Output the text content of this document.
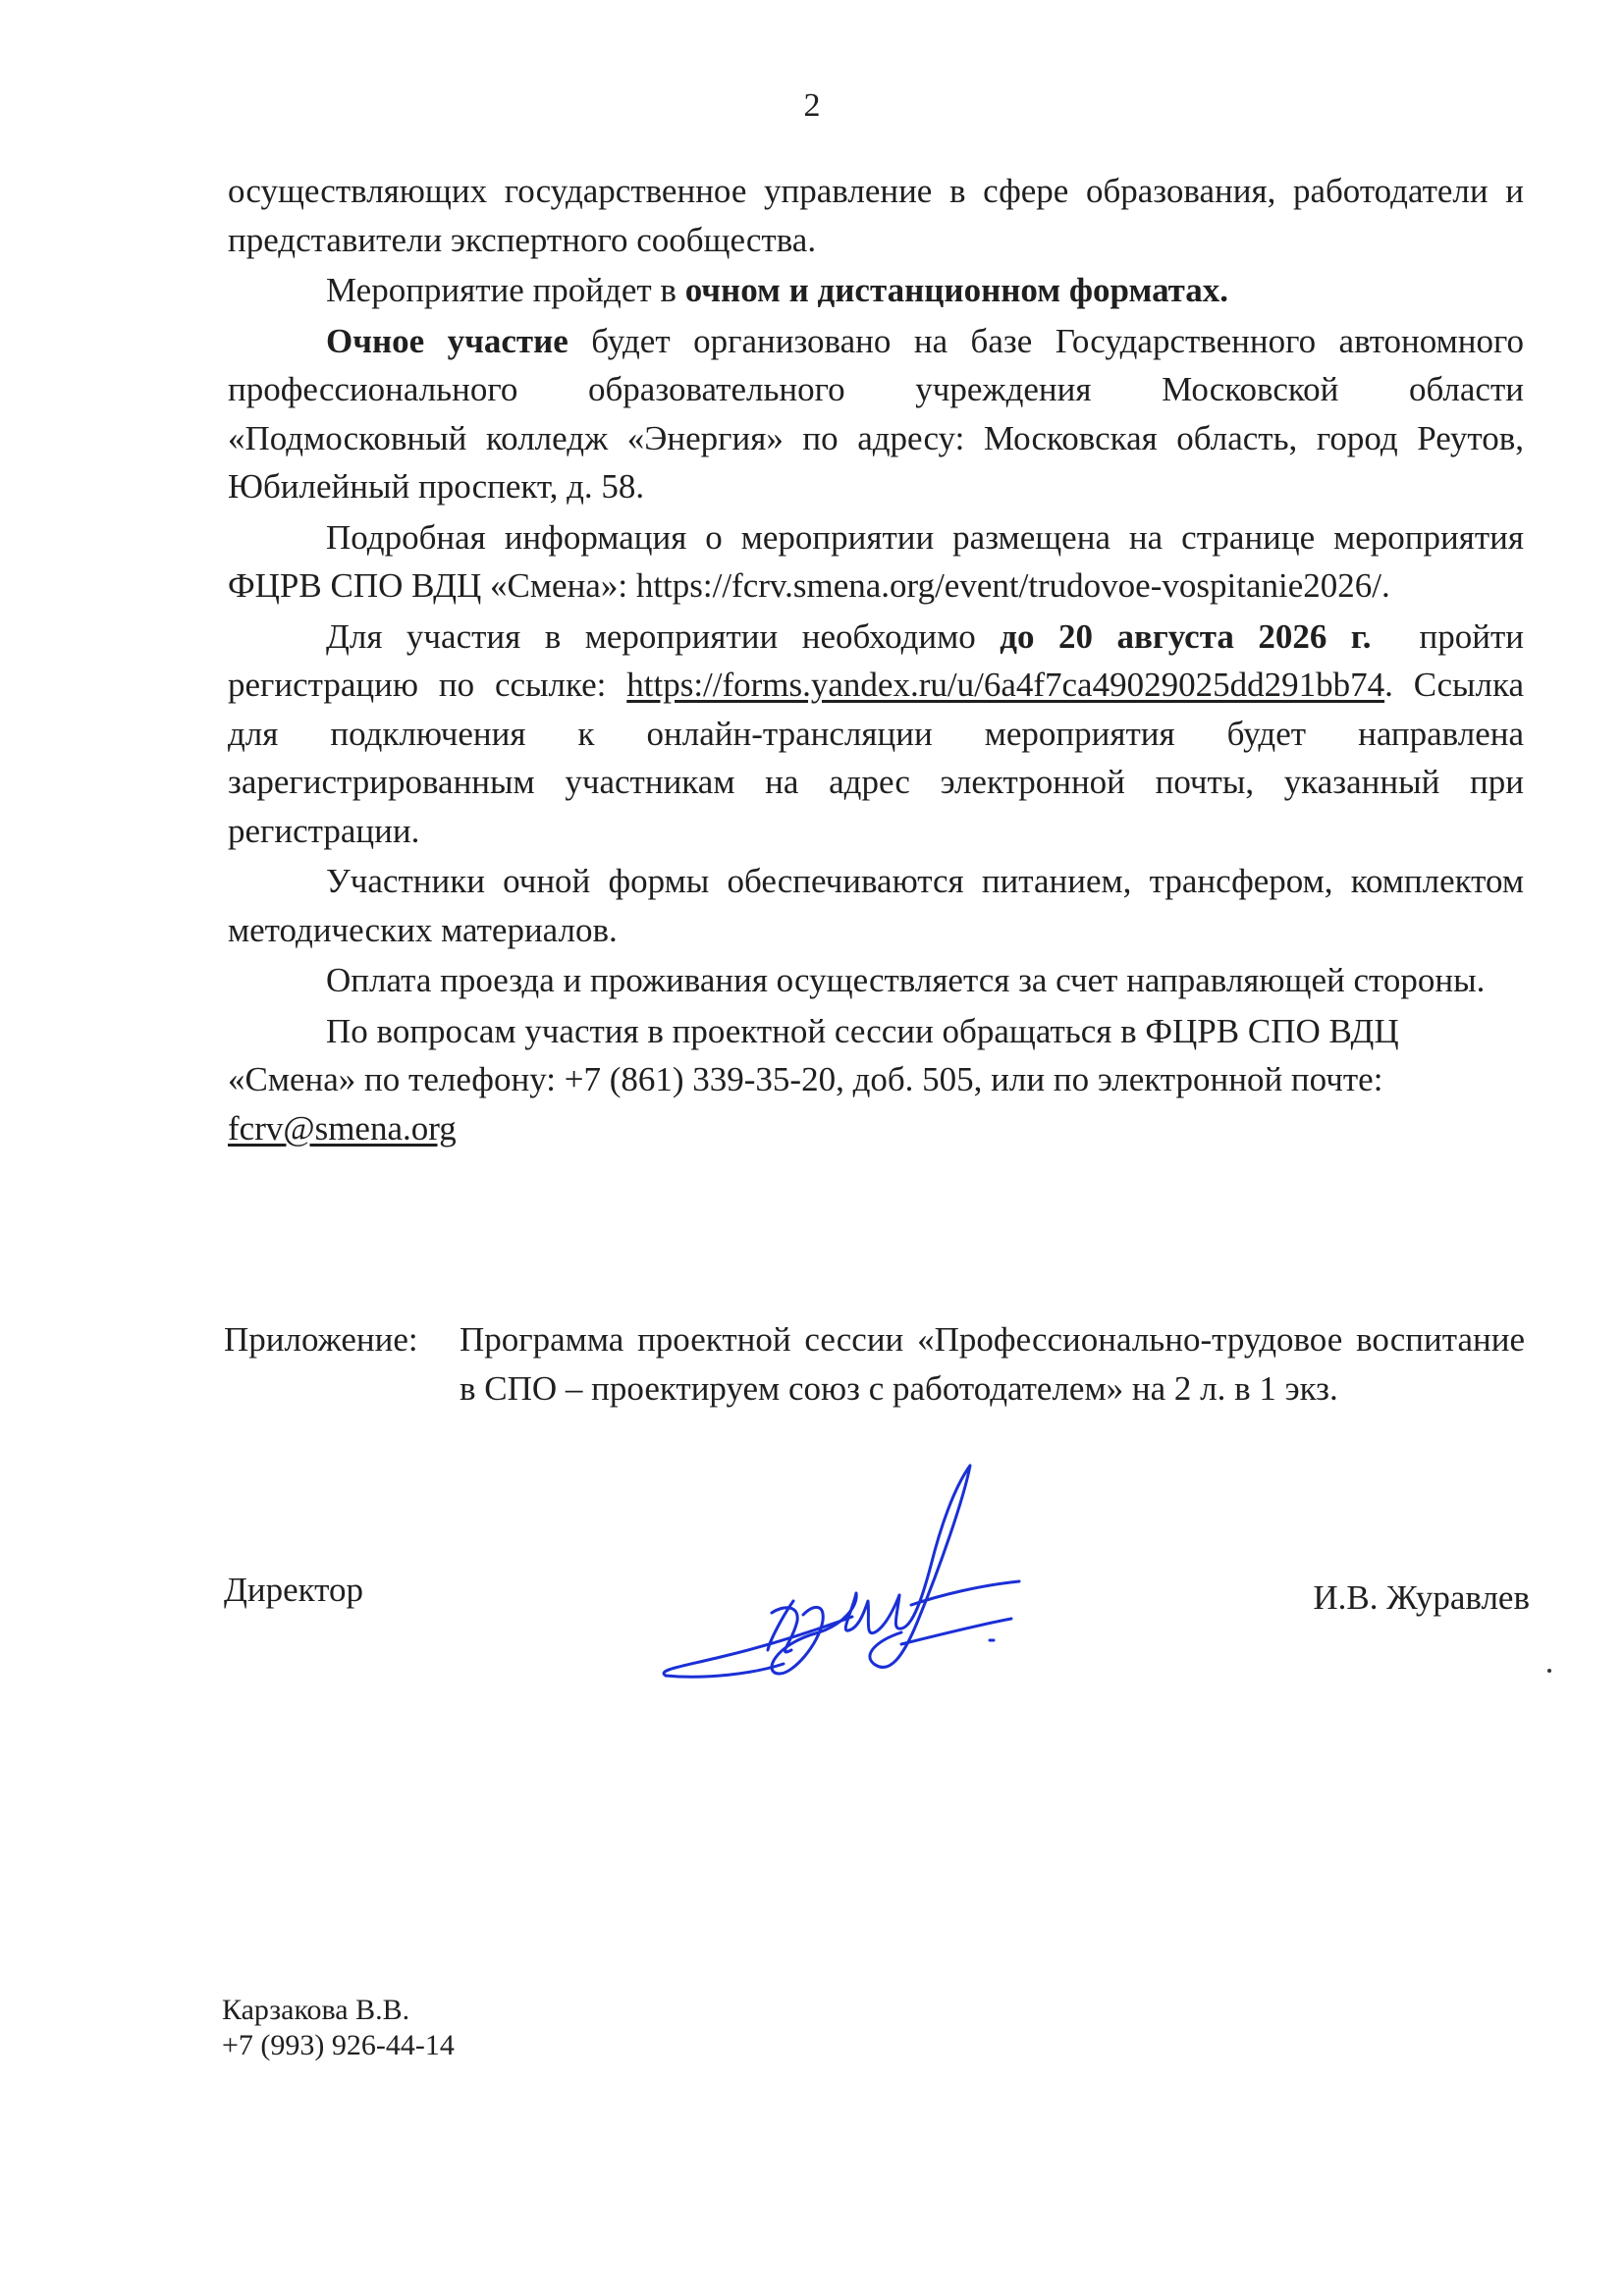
2

осуществляющих государственное управление в сфере образования, работодатели и представители экспертного сообщества.

Мероприятие пройдет в очном и дистанционном форматах.

Очное участие будет организовано на базе Государственного автономного профессионального образовательного учреждения Московской области «Подмосковный колледж «Энергия» по адресу: Московская область, город Реутов, Юбилейный проспект, д. 58.

Подробная информация о мероприятии размещена на странице мероприятия ФЦРВ СПО ВДЦ «Смена»: https://fcrv.smena.org/event/trudovoe-vospitanie2026/.

Для участия в мероприятии необходимо до 20 августа 2026 г.  пройти регистрацию по ссылке: https://forms.yandex.ru/u/6a4f7ca49029025dd291bb74. Ссылка для подключения к онлайн-трансляции мероприятия будет направлена зарегистрированным участникам на адрес электронной почты, указанный при регистрации.

Участники очной формы обеспечиваются питанием, трансфером, комплектом методических материалов.

Оплата проезда и проживания осуществляется за счет направляющей стороны.

По вопросам участия в проектной сессии обращаться в ФЦРВ СПО ВДЦ «Смена» по телефону: +7 (861) 339-35-20, доб. 505, или по электронной почте: fcrv@smena.org

Приложение: Программа проектной сессии «Профессионально-трудовое воспитание в СПО – проектируем союз с работодателем» на 2 л. в 1 экз.
Директор	И.В. Журавлев
Карзакова В.В.
+7 (993) 926-44-14
